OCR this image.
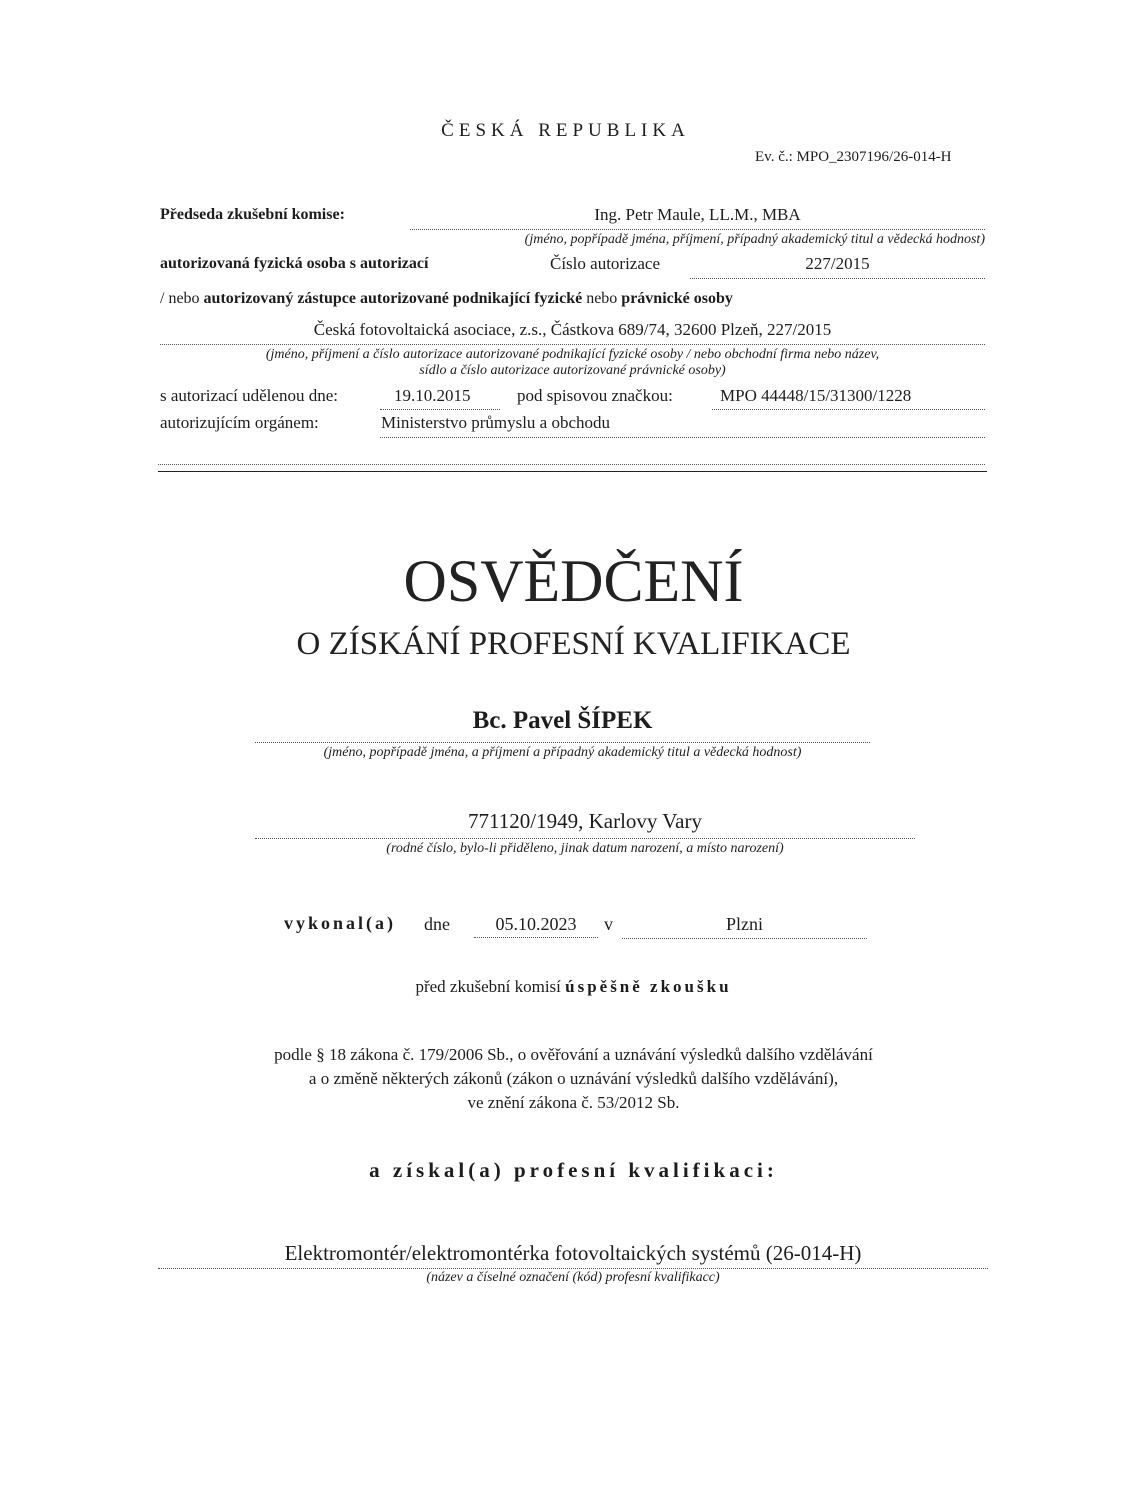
ČESKÁ REPUBLIKA
Ev. č.: MPO_2307196/26-014-H
Předseda zkušební komise:	Ing. Petr Maule, LL.M., MBA
(jméno, popřípadě jména, příjmení, případný akademický titul a vědecká hodnost)
autorizovaná fyzická osoba s autorizací	Číslo autorizace	227/2015
/ nebo autorizovaný zástupce autorizované podnikající fyzické nebo právnické osoby
Česká fotovoltaická asociace, z.s., Částkova 689/74, 32600 Plzeň, 227/2015
(jméno, příjmení a číslo autorizace autorizované podnikající fyzické osoby / nebo obchodní firma nebo název,
sídlo a číslo autorizace autorizované právnické osoby)
s autorizací udělenou dne:	19.10.2015	pod spisovou značkou:	MPO 44448/15/31300/1228
autorizujícím orgánem:	Ministerstvo průmyslu a obchodu
OSVĚDČENÍ
O ZÍSKÁNÍ PROFESNÍ KVALIFIKACE
Bc. Pavel ŠÍPEK
(jméno, popřípadě jména, a příjmení a případný akademický titul a vědecká hodnost)
771120/1949, Karlovy Vary
(rodné číslo, bylo-li přiděleno, jinak datum narození, a místo narození)
vykonal(a) dne	05.10.2023	v	Plzni
před zkušební komisí úspěšně zkoušku
podle § 18 zákona č. 179/2006 Sb., o ověřování a uznávání výsledků dalšího vzdělávání
a o změně některých zákonů (zákon o uznávání výsledků dalšího vzdělávání),
ve znění zákona č. 53/2012 Sb.
a získal(a) profesní kvalifikaci:
Elektromontér/elektromontérka fotovoltaických systémů (26-014-H)
(název a číselné označení (kód) profesní kvalifikacc)
